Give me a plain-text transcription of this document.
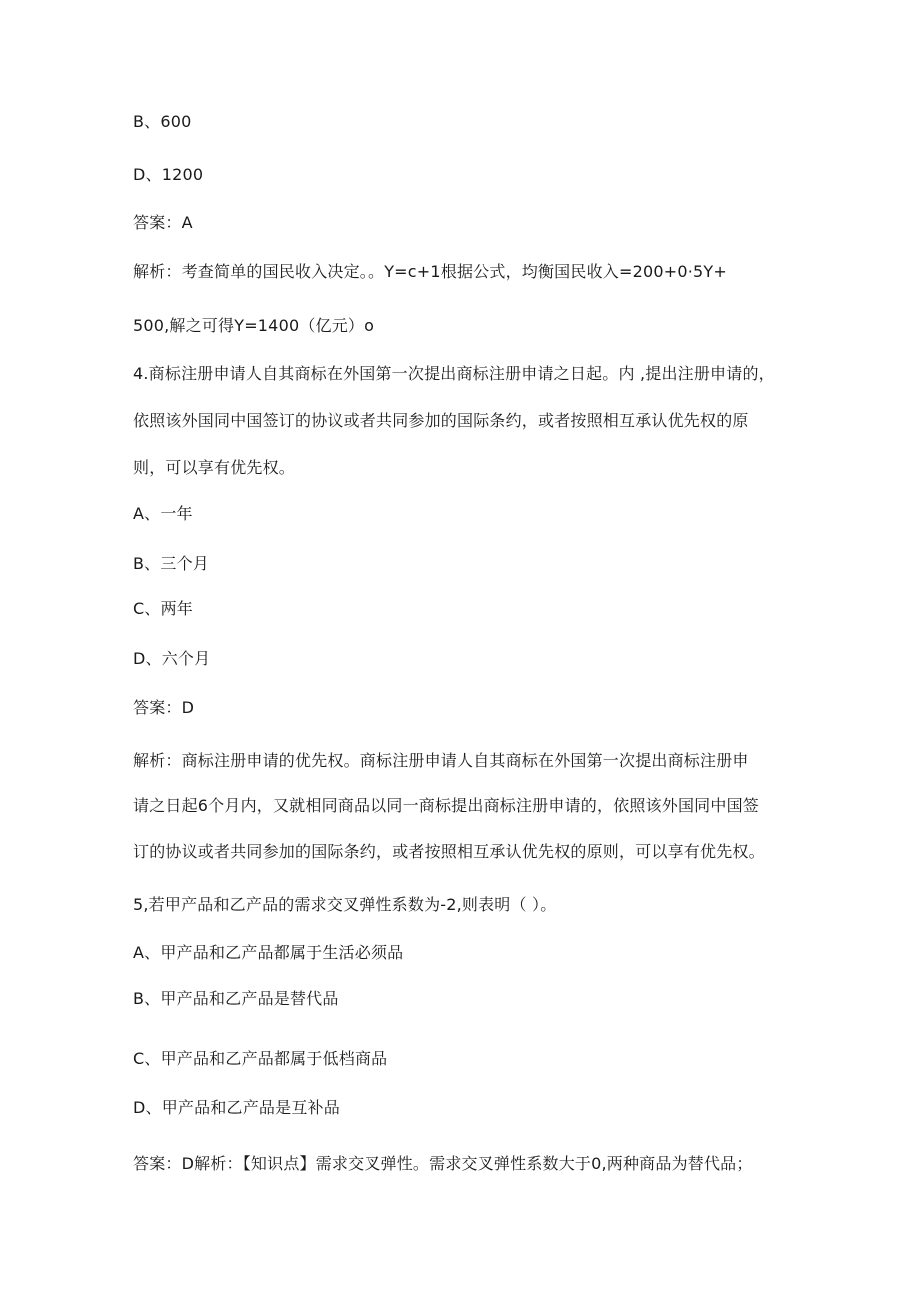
B、600
D、1200
答案：A
解析：考查简单的国民收入决定。。Y=c+1根据公式，均衡国民收入=200+0·5Y+
500,解之可得Y=1400（亿元）o
4.商标注册申请人自其商标在外国第一次提出商标注册申请之日起。内 ,提出注册申请的，
依照该外国同中国签订的协议或者共同参加的国际条约，或者按照相互承认优先权的原
则，可以享有优先权。
A、一年
B、三个月
C、两年
D、六个月
答案：D
解析：商标注册申请的优先权。商标注册申请人自其商标在外国第一次提出商标注册申
请之日起6个月内，又就相同商品以同一商标提出商标注册申请的，依照该外国同中国签
订的协议或者共同参加的国际条约，或者按照相互承认优先权的原则，可以享有优先权。
5,若甲产品和乙产品的需求交叉弹性系数为-2,则表明（ ）。
A、甲产品和乙产品都属于生活必须品
B、甲产品和乙产品是替代品
C、甲产品和乙产品都属于低档商品
D、甲产品和乙产品是互补品
答案：D解析：【知识点】需求交叉弹性。需求交叉弹性系数大于0,两种商品为替代品；
